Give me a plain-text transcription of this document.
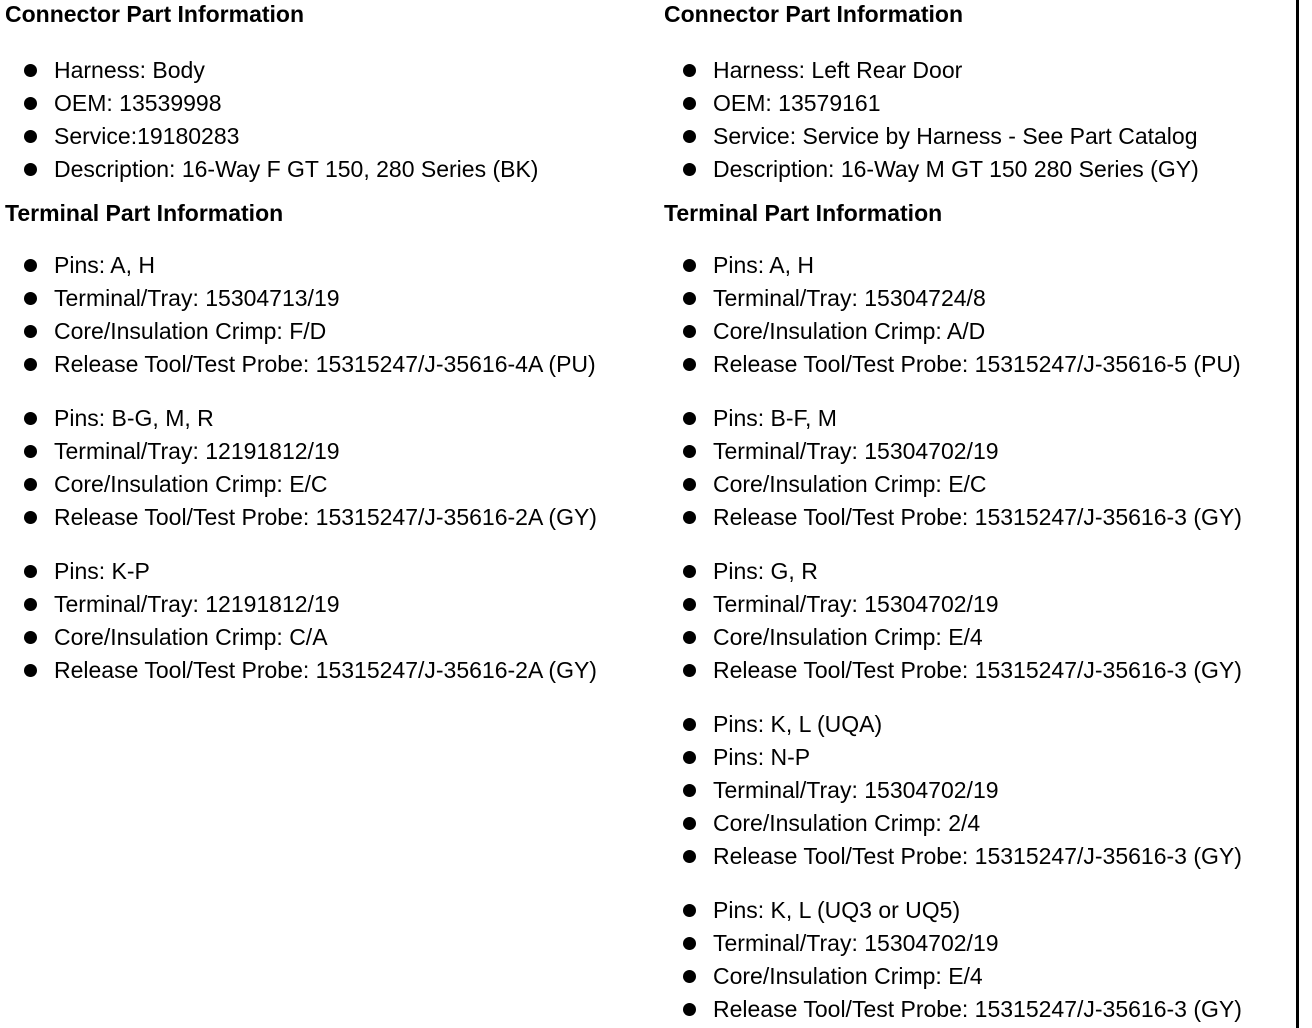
Connector Part Information
Harness: Body
OEM: 13539998
Service:19180283
Description: 16-Way F GT 150, 280 Series (BK)
Terminal Part Information
Pins: A, H
Terminal/Tray: 15304713/19
Core/Insulation Crimp: F/D
Release Tool/Test Probe: 15315247/J-35616-4A (PU)
Pins: B-G, M, R
Terminal/Tray: 12191812/19
Core/Insulation Crimp: E/C
Release Tool/Test Probe: 15315247/J-35616-2A (GY)
Pins: K-P
Terminal/Tray: 12191812/19
Core/Insulation Crimp: C/A
Release Tool/Test Probe: 15315247/J-35616-2A (GY)
Connector Part Information
Harness: Left Rear Door
OEM: 13579161
Service: Service by Harness - See Part Catalog
Description: 16-Way M GT 150 280 Series (GY)
Terminal Part Information
Pins: A, H
Terminal/Tray: 15304724/8
Core/Insulation Crimp: A/D
Release Tool/Test Probe: 15315247/J-35616-5 (PU)
Pins: B-F, M
Terminal/Tray: 15304702/19
Core/Insulation Crimp: E/C
Release Tool/Test Probe: 15315247/J-35616-3 (GY)
Pins: G, R
Terminal/Tray: 15304702/19
Core/Insulation Crimp: E/4
Release Tool/Test Probe: 15315247/J-35616-3 (GY)
Pins: K, L (UQA)
Pins: N-P
Terminal/Tray: 15304702/19
Core/Insulation Crimp: 2/4
Release Tool/Test Probe: 15315247/J-35616-3 (GY)
Pins: K, L (UQ3 or UQ5)
Terminal/Tray: 15304702/19
Core/Insulation Crimp: E/4
Release Tool/Test Probe: 15315247/J-35616-3 (GY)
